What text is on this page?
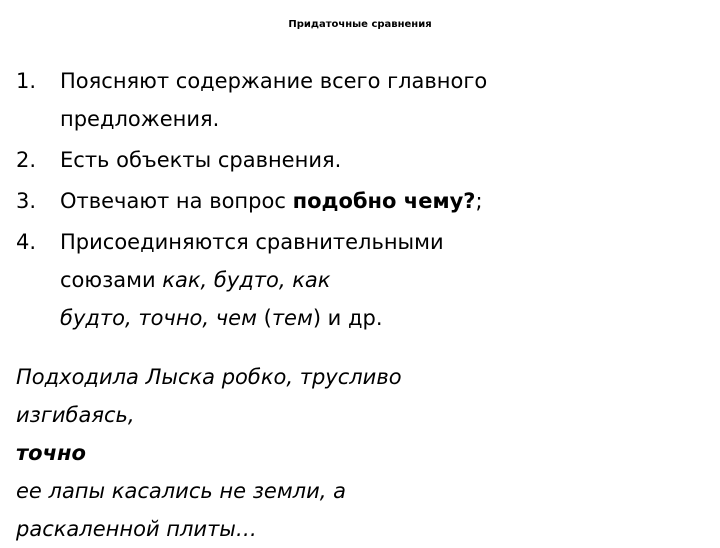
Придаточные сравнения
1. Поясняют содержание всего главного
предложения.
2. Есть объекты сравнения.
3. Отвечают на вопрос подобно чему?;
4. Присоединяются сравнительными
союзами как, будто, как
будто, точно, чем (тем) и др.
Подходила Лыска робко, трусливо
изгибаясь,
точно
ее лапы касались не земли, а
раскаленной плиты…
